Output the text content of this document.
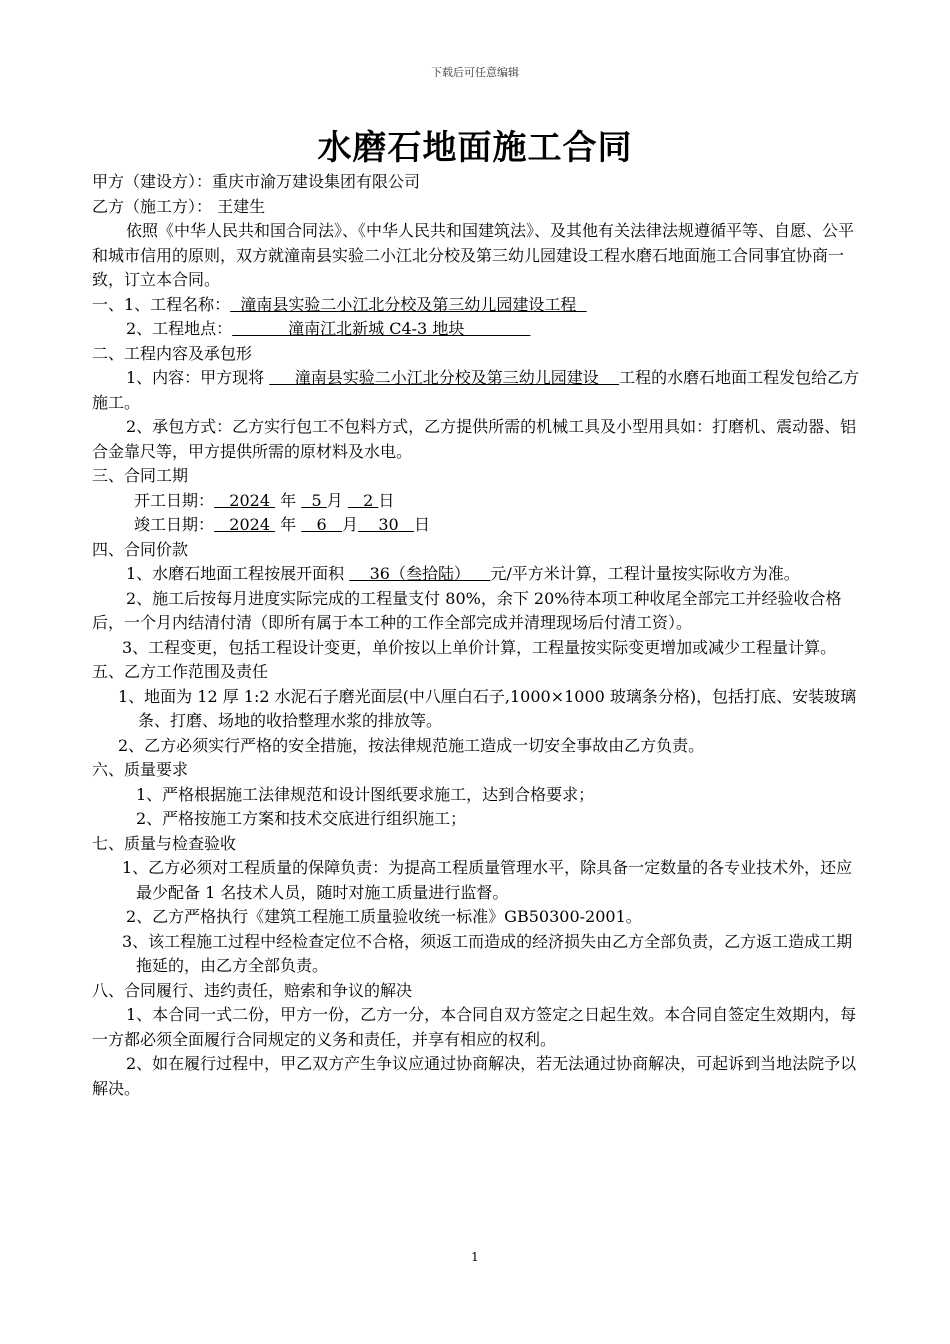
下载后可任意编辑
水磨石地面施工合同

甲方（建设方）：重庆市渝万建设集团有限公司

乙方（施工方）： 王建生

依照《中华人民共和国合同法》、《中华人民共和国建筑法》、及其他有关法律法规遵循平等、自愿、公平和城市信用的原则，双方就潼南县实验二小江北分校及第三幼儿园建设工程水磨石地面施工合同事宜协商一致，订立本合同。

一、1、工程名称：  潼南县实验二小江北分校及第三幼儿园建设工程

2、工程地点：           潼南江北新城 C4-3 地块

二、工程内容及承包形

1、内容：甲方现将      潼南县实验二小江北分校及第三幼儿园建设    工程的水磨石地面工程发包给乙方施工。

2、承包方式：乙方实行包工不包料方式，乙方提供所需的机械工具及小型用具如：打磨机、震动器、铝合金靠尺等，甲方提供所需的原材料及水电。

三、合同工期

开工日期：   2024  年   5 月    2 日

竣工日期：   2024  年    6   月    30   日

四、合同价款

1、水磨石地面工程按展开面积     36（叁拾陆）    元/平方米计算，工程计量按实际收方为准。

2、施工后按每月进度实际完成的工程量支付 80%，余下 20%待本项工种收尾全部完工并经验收合格后，一个月内结清付清（即所有属于本工种的工作全部完成并清理现场后付清工资）。

3、工程变更，包括工程设计变更，单价按以上单价计算，工程量按实际变更增加或减少工程量计算。

五、乙方工作范围及责任

1、地面为 12 厚 1:2 水泥石子磨光面层(中八厘白石子,1000×1000 玻璃条分格)，包括打底、安装玻璃条、打磨、场地的收拾整理水浆的排放等。

2、乙方必须实行严格的安全措施，按法律规范施工造成一切安全事故由乙方负责。

六、质量要求

1、严格根据施工法律规范和设计图纸要求施工，达到合格要求；

2、严格按施工方案和技术交底进行组织施工；

七、质量与检查验收

1、乙方必须对工程质量的保障负责：为提高工程质量管理水平，除具备一定数量的各专业技术外，还应最少配备 1 名技术人员，随时对施工质量进行监督。

2、乙方严格执行《建筑工程施工质量验收统一标准》GB50300-2001。

3、该工程施工过程中经检查定位不合格，须返工而造成的经济损失由乙方全部负责，乙方返工造成工期拖延的，由乙方全部负责。

八、合同履行、违约责任，赔索和争议的解决

1、本合同一式二份，甲方一份，乙方一分，本合同自双方签定之日起生效。本合同自签定生效期内，每一方都必须全面履行合同规定的义务和责任，并享有相应的权利。

2、如在履行过程中，甲乙双方产生争议应通过协商解决，若无法通过协商解决，可起诉到当地法院予以解决。

1
